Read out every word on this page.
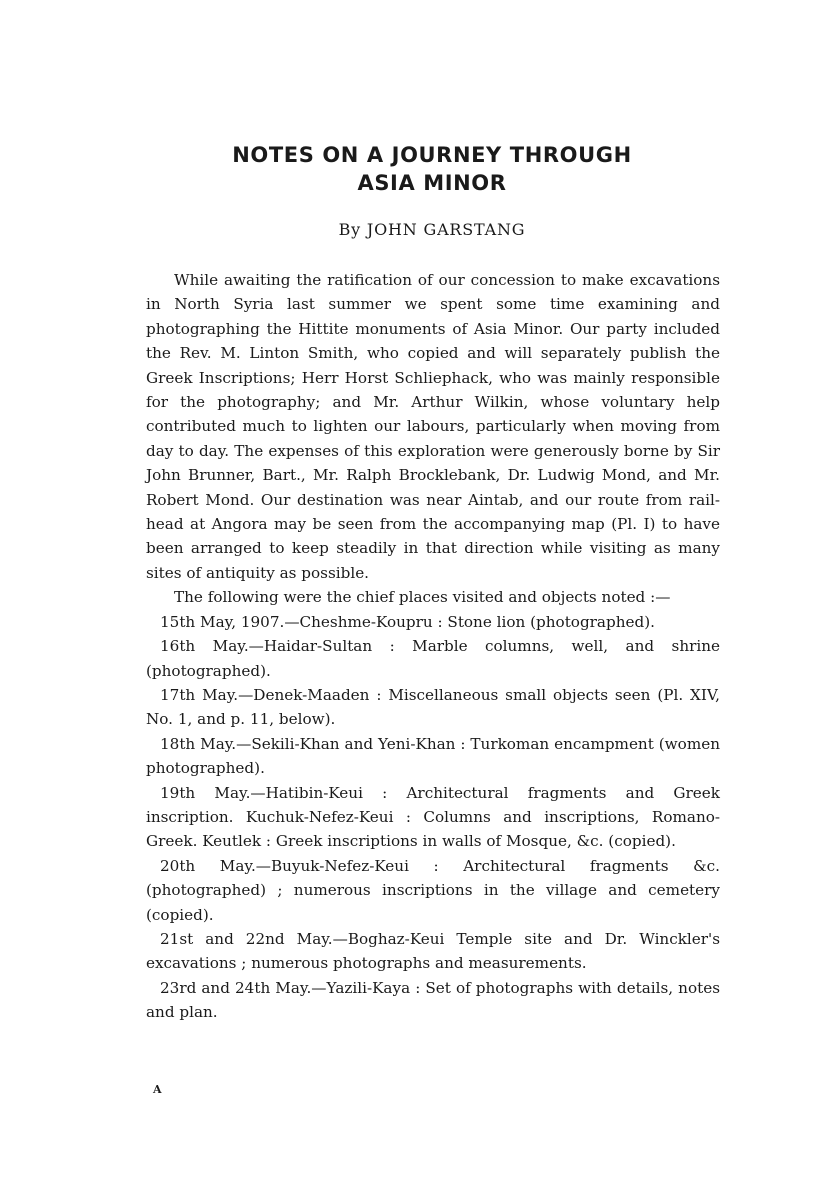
NOTES ON A JOURNEY THROUGH
ASIA MINOR

By JOHN GARSTANG

While awaiting the ratification of our concession to make excavations in North Syria last summer we spent some time examining and photographing the Hittite monuments of Asia Minor. Our party included the Rev. M. Linton Smith, who copied and will separately publish the Greek Inscriptions; Herr Horst Schliephack, who was mainly responsible for the photography; and Mr. Arthur Wilkin, whose voluntary help contributed much to lighten our labours, particularly when moving from day to day. The expenses of this exploration were generously borne by Sir John Brunner, Bart., Mr. Ralph Brocklebank, Dr. Ludwig Mond, and Mr. Robert Mond. Our destination was near Aintab, and our route from rail-head at Angora may be seen from the accompanying map (Pl. I) to have been arranged to keep steadily in that direction while visiting as many sites of antiquity as possible.

The following were the chief places visited and objects noted :—

15th May, 1907.—Cheshme-Koupru : Stone lion (photographed).

16th May.—Haidar-Sultan : Marble columns, well, and shrine (photographed).

17th May.—Denek-Maaden : Miscellaneous small objects seen (Pl. XIV, No. 1, and p. 11, below).

18th May.—Sekili-Khan and Yeni-Khan : Turkoman encampment (women photographed).

19th May.—Hatibin-Keui : Architectural fragments and Greek inscription. Kuchuk-Nefez-Keui : Columns and inscriptions, Romano-Greek. Keutlek : Greek inscriptions in walls of Mosque, &c. (copied).

20th May.—Buyuk-Nefez-Keui : Architectural fragments &c. (photographed) ; numerous inscriptions in the village and cemetery (copied).

21st and 22nd May.—Boghaz-Keui Temple site and Dr. Winckler's excavations ; numerous photographs and measurements.

23rd and 24th May.—Yazili-Kaya : Set of photographs with details, notes and plan.

A
